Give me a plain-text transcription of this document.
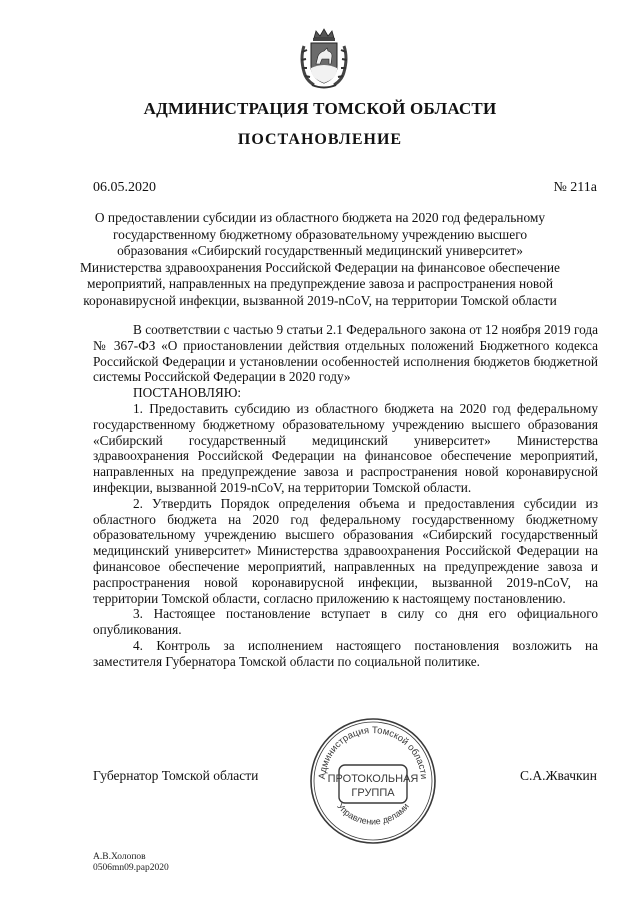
АДМИНИСТРАЦИЯ ТОМСКОЙ ОБЛАСТИ
ПОСТАНОВЛЕНИЕ
06.05.2020	№ 211а
О предоставлении субсидии из областного бюджета на 2020 год федеральному
государственному бюджетному образовательному учреждению высшего
образования «Сибирский государственный медицинский университет»
Министерства здравоохранения Российской Федерации на финансовое обеспечение
мероприятий, направленных на предупреждение завоза и распространения новой
коронавирусной инфекции, вызванной 2019-nCoV, на территории Томской области

В соответствии с частью 9 статьи 2.1 Федерального закона от 12 ноября 2019 года № 367-ФЗ «О приостановлении действия отдельных положений Бюджетного кодекса Российской Федерации и установлении особенностей исполнения бюджетов бюджетной системы Российской Федерации в 2020 году»

ПОСТАНОВЛЯЮ:

1. Предоставить субсидию из областного бюджета на 2020 год федеральному государственному бюджетному образовательному учреждению высшего образования «Сибирский государственный медицинский университет» Министерства здравоохранения Российской Федерации на финансовое обеспечение мероприятий, направленных на предупреждение завоза и распространения новой коронавирусной инфекции, вызванной 2019-nCoV, на территории Томской области.

2. Утвердить Порядок определения объема и предоставления субсидии из областного бюджета на 2020 год федеральному государственному бюджетному образовательному учреждению высшего образования «Сибирский государственный медицинский университет» Министерства здравоохранения Российской Федерации на финансовое обеспечение мероприятий, направленных на предупреждение завоза и распространения новой коронавирусной инфекции, вызванной 2019-nCoV, на территории Томской области, согласно приложению к настоящему постановлению.

3. Настоящее постановление вступает в силу со дня его официального опубликования.

4. Контроль за исполнением настоящего постановления возложить на заместителя Губернатора Томской области по социальной политике.

Губернатор Томской области	С.А.Жвачкин
Администрация Томской области
Управление делами
ПРОТОКОЛЬНАЯ
ГРУППА
А.В.Холопов
0506mn09.pap2020
